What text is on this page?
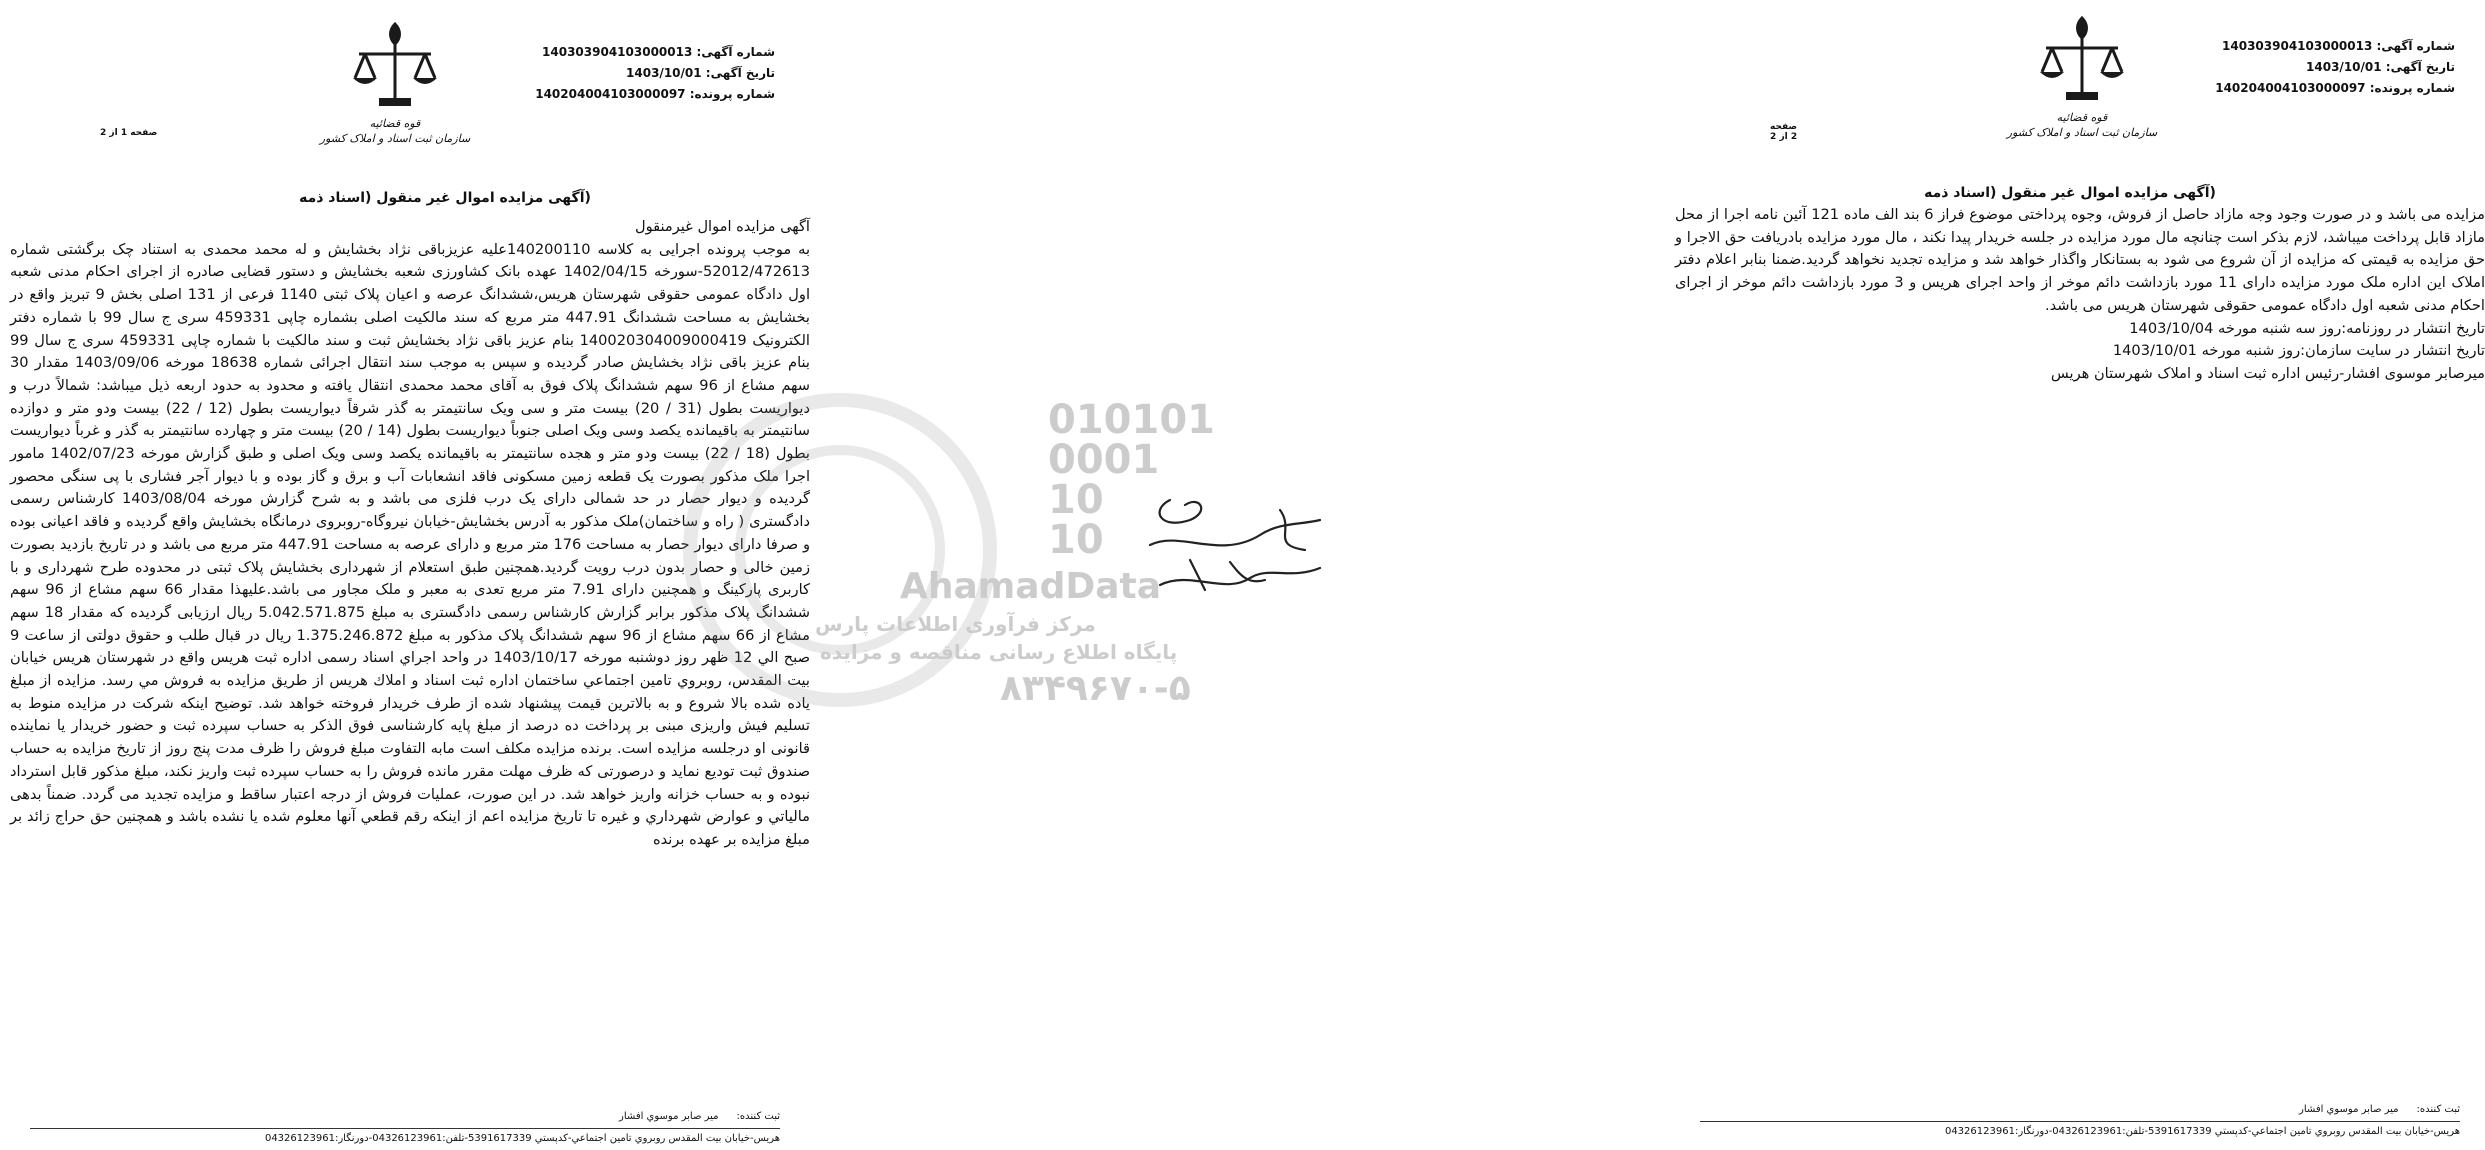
شماره آگهی: 140303904103000013
تاریخ آگهی: 1403/10/01
شماره پرونده: 140204004103000097
قوه قضائیه
سازمان ثبت اسناد و املاک کشور
صفحه 1 از 2
(آگهی مزایده اموال غیر منقول (اسناد ذمه

آگهی مزایده اموال غیرمنقول

به موجب پرونده اجرایی به کلاسه 140200110علیه عزیزباقی نژاد بخشایش و له محمد محمدی به استناد چک برگشتی شماره 52012/472613-سورخه 1402/04/15 عهده بانک کشاورزی شعبه بخشایش و دستور قضایی صادره از اجرای احکام مدنی شعبه اول دادگاه عمومی حقوقی شهرستان هریس،ششدانگ عرصه و اعیان پلاک ثبتی 1140 فرعی از 131 اصلی بخش 9 تبریز واقع در بخشایش به مساحت ششدانگ 447.91 متر مربع که سند مالکیت اصلی بشماره چاپی 459331 سری ج سال 99 با شماره دفتر الکترونیک 140020304009000419 بنام عزیز باقی نژاد بخشایش ثبت و سند مالکیت با شماره چاپی 459331 سری ج سال 99 بنام عزیز باقی نژاد بخشایش صادر گردیده و سپس به موجب سند انتقال اجرائی شماره 18638 مورخه 1403/09/06 مقدار 30 سهم مشاع از 96 سهم ششدانگ پلاک فوق به آقای محمد محمدی انتقال یافته و محدود به حدود اربعه ذیل میباشد: شمالاً درب و دیواریست بطول (31 / 20) بیست متر و سی ویک سانتیمتر به گذر شرقاً دیواریست بطول (12 / 22) بیست ودو متر و دوازده سانتیمتر به باقیمانده یکصد وسی ویک اصلی جنوباً دیواریست بطول (14 / 20) بیست متر و چهارده سانتیمتر به گذر و غرباً دیواریست بطول (18 / 22) بیست ودو متر و هجده سانتیمتر به باقیمانده یکصد وسی ویک اصلی و طبق گزارش مورخه 1402/07/23 مامور اجرا ملک مذکور بصورت یک قطعه زمین مسکونی فاقد انشعابات آب و برق و گاز بوده و با دیوار آجر فشاری با پی سنگی محصور گردیده و دیوار حصار در حد شمالی دارای یک درب فلزی می باشد و به شرح گزارش مورخه 1403/08/04 کارشناس رسمی دادگستری ( راه و ساختمان)ملک مذکور به آدرس بخشایش-خیابان نیروگاه-روبروی درمانگاه بخشایش واقع گردیده و فاقد اعیانی بوده و صرفا دارای دیوار حصار به مساحت 176 متر مربع و دارای عرصه به مساحت 447.91 متر مربع می باشد و در تاریخ بازدید بصورت زمین خالی و حصار بدون درب رویت گردید.همچنین طبق استعلام از شهرداری بخشایش پلاک ثبتی در محدوده طرح شهرداری و با کاربری پارکینگ و همچنین دارای 7.91 متر مربع تعدی به معبر و ملک مجاور می باشد.علیهذا مقدار 66 سهم مشاع از 96 سهم ششدانگ پلاک مذکور برابر گزارش کارشناس رسمی دادگستری به مبلغ 5.042.571.875 ریال ارزیابی گردیده که مقدار 18 سهم مشاع از 66 سهم مشاع از 96 سهم ششدانگ پلاک مذکور به مبلغ 1.375.246.872 ریال در قبال طلب و حقوق دولتی از ساعت 9 صبح الي 12 ظهر روز دوشنبه مورخه 1403/10/17 در واحد اجراي اسناد رسمی اداره ثبت هریس واقع در شهرستان هریس خیابان بیت المقدس، روبروي تامین اجتماعي ساختمان اداره ثبت اسناد و املاك هریس از طریق مزایده به فروش مي رسد. مزایده از مبلغ یاده شده بالا شروع و به بالاترین قیمت پیشنهاد شده از طرف خریدار فروخته خواهد شد. توضیح اینکه شرکت در مزایده منوط به تسلیم فیش واریزی مبنی بر پرداخت ده درصد از مبلغ پایه کارشناسی فوق الذکر به حساب سپرده ثبت و حضور خریدار یا نماینده قانونی او درجلسه مزایده است. برنده مزایده مکلف است مابه التفاوت مبلغ فروش را ظرف مدت پنج روز از تاریخ مزایده به حساب صندوق ثبت تودیع نماید و درصورتی که ظرف مهلت مقرر مانده فروش را به حساب سپرده ثبت واریز نکند، مبلغ مذکور قابل استرداد نبوده و به حساب خزانه واریز خواهد شد. در این صورت، عملیات فروش از درجه اعتبار ساقط و مزایده تجدید می گردد. ضمناً بدهی مالیاتي و عوارض شهرداري و غیره تا تاریخ مزایده اعم از اینکه رقم قطعي آنها معلوم شده یا نشده باشد و همچنین حق حراج زائد بر مبلغ مزایده بر عهده برنده

ثبت کننده:
میر صابر موسوي افشار
هریس-خیابان بیت المقدس روبروي تامین اجتماعي-کدپستي 5391617339-تلفن:04326123961-دورنگار:04326123961
010101
0001
10
10
AhamadData
مرکز فرآوری اطلاعات پارس
پایگاه اطلاع رسانی مناقصه و مزایده
۸۳۴۹۶۷۰-۵
شماره آگهی: 140303904103000013
تاریخ آگهی: 1403/10/01
شماره پرونده: 140204004103000097
قوه قضائیه
سازمان ثبت اسناد و املاک کشور
صفحه 2 از 2
(آگهی مزایده اموال غیر منقول (اسناد ذمه

مزایده می باشد و در صورت وجود وجه مازاد حاصل از فروش، وجوه پرداختی موضوع فراز 6 بند الف ماده 121 آئین نامه اجرا از محل مازاد قابل پرداخت میباشد، لازم بذکر است چنانچه مال مورد مزایده در جلسه خریدار پیدا نکند ، مال مورد مزایده بادریافت حق الاجرا و حق مزایده به قیمتی که مزایده از آن شروع می شود به بستانکار واگذار خواهد شد و مزایده تجدید نخواهد گردید.ضمنا بنابر اعلام دفتر املاک این اداره ملک مورد مزایده دارای 11 مورد بازداشت دائم موخر از واحد اجرای هریس و 3 مورد بازداشت دائم موخر از اجرای احکام مدنی شعبه اول دادگاه عمومی حقوقی شهرستان هریس می باشد.

تاریخ انتشار در روزنامه:روز سه شنبه مورخه 1403/10/04

تاریخ انتشار در سایت سازمان:روز شنبه مورخه 1403/10/01

میرصابر موسوی افشار-رئیس اداره ثبت اسناد و املاک شهرستان هریس

ثبت کننده:
میر صابر موسوي افشار
هریس-خیابان بیت المقدس روبروي تامین اجتماعي-کدپستي 5391617339-تلفن:04326123961-دورنگار:04326123961
